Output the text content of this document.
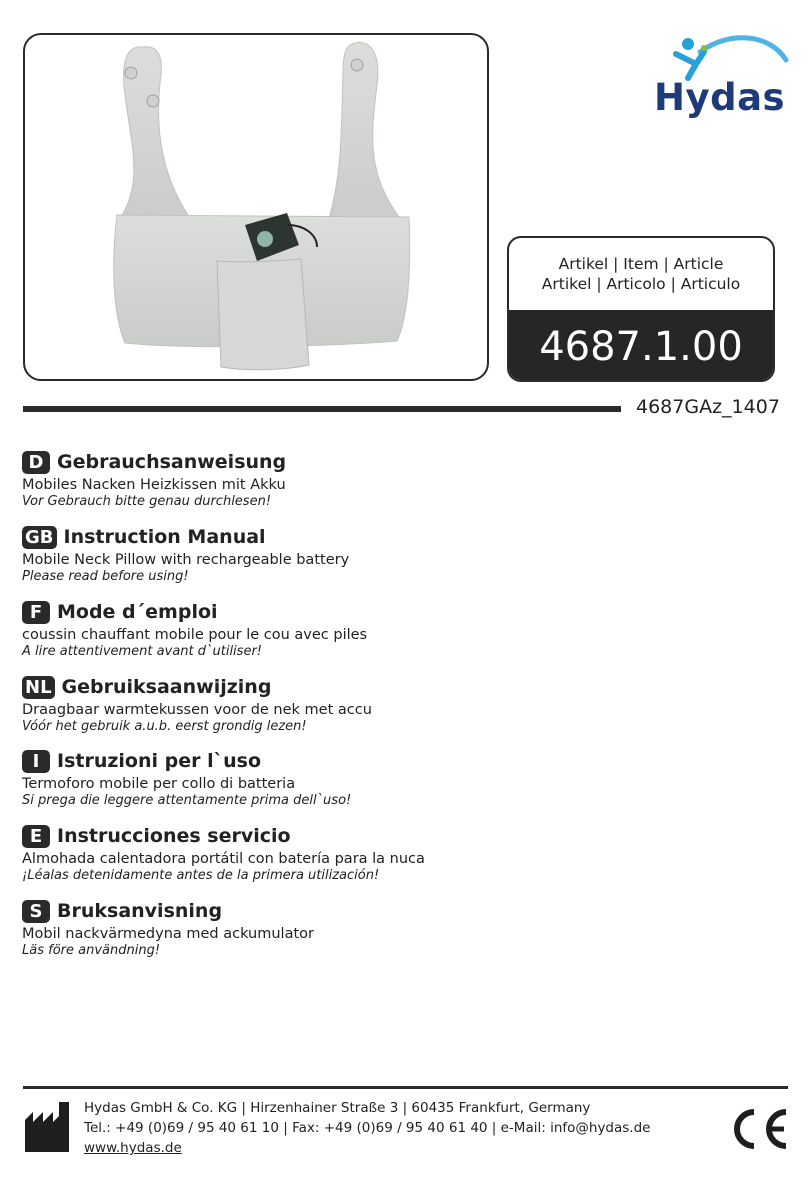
Hydas
Artikel | Item | Article
Artikel | Articolo | Articulo
4687.1.00
4687GAz_1407
D Gebrauchsanweisung
Mobiles Nacken Heizkissen mit Akku
Vor Gebrauch bitte genau durchlesen!
GB Instruction Manual
Mobile Neck Pillow with rechargeable battery
Please read before using!
F Mode d´emploi
coussin chauffant mobile pour le cou avec piles
A lire attentivement avant d`utiliser!
NL Gebruiksaanwijzing
Draagbaar warmtekussen voor de nek met accu
Vóór het gebruik a.u.b. eerst grondig lezen!
I Istruzioni per l`uso
Termoforo mobile per collo di batteria
Si prega die leggere attentamente prima dell`uso!
E Instrucciones servicio
Almohada calentadora portátil con batería para la nuca
¡Léalas detenidamente antes de la primera utilización!
S Bruksanvisning
Mobil nackvärmedyna med ackumulator
Läs före användning!
Hydas GmbH & Co. KG | Hirzenhainer Straße 3 | 60435 Frankfurt, Germany
Tel.: +49 (0)69 / 95 40 61 10 | Fax: +49 (0)69 / 95 40 61 40 | e-Mail: info@hydas.de
www.hydas.de
